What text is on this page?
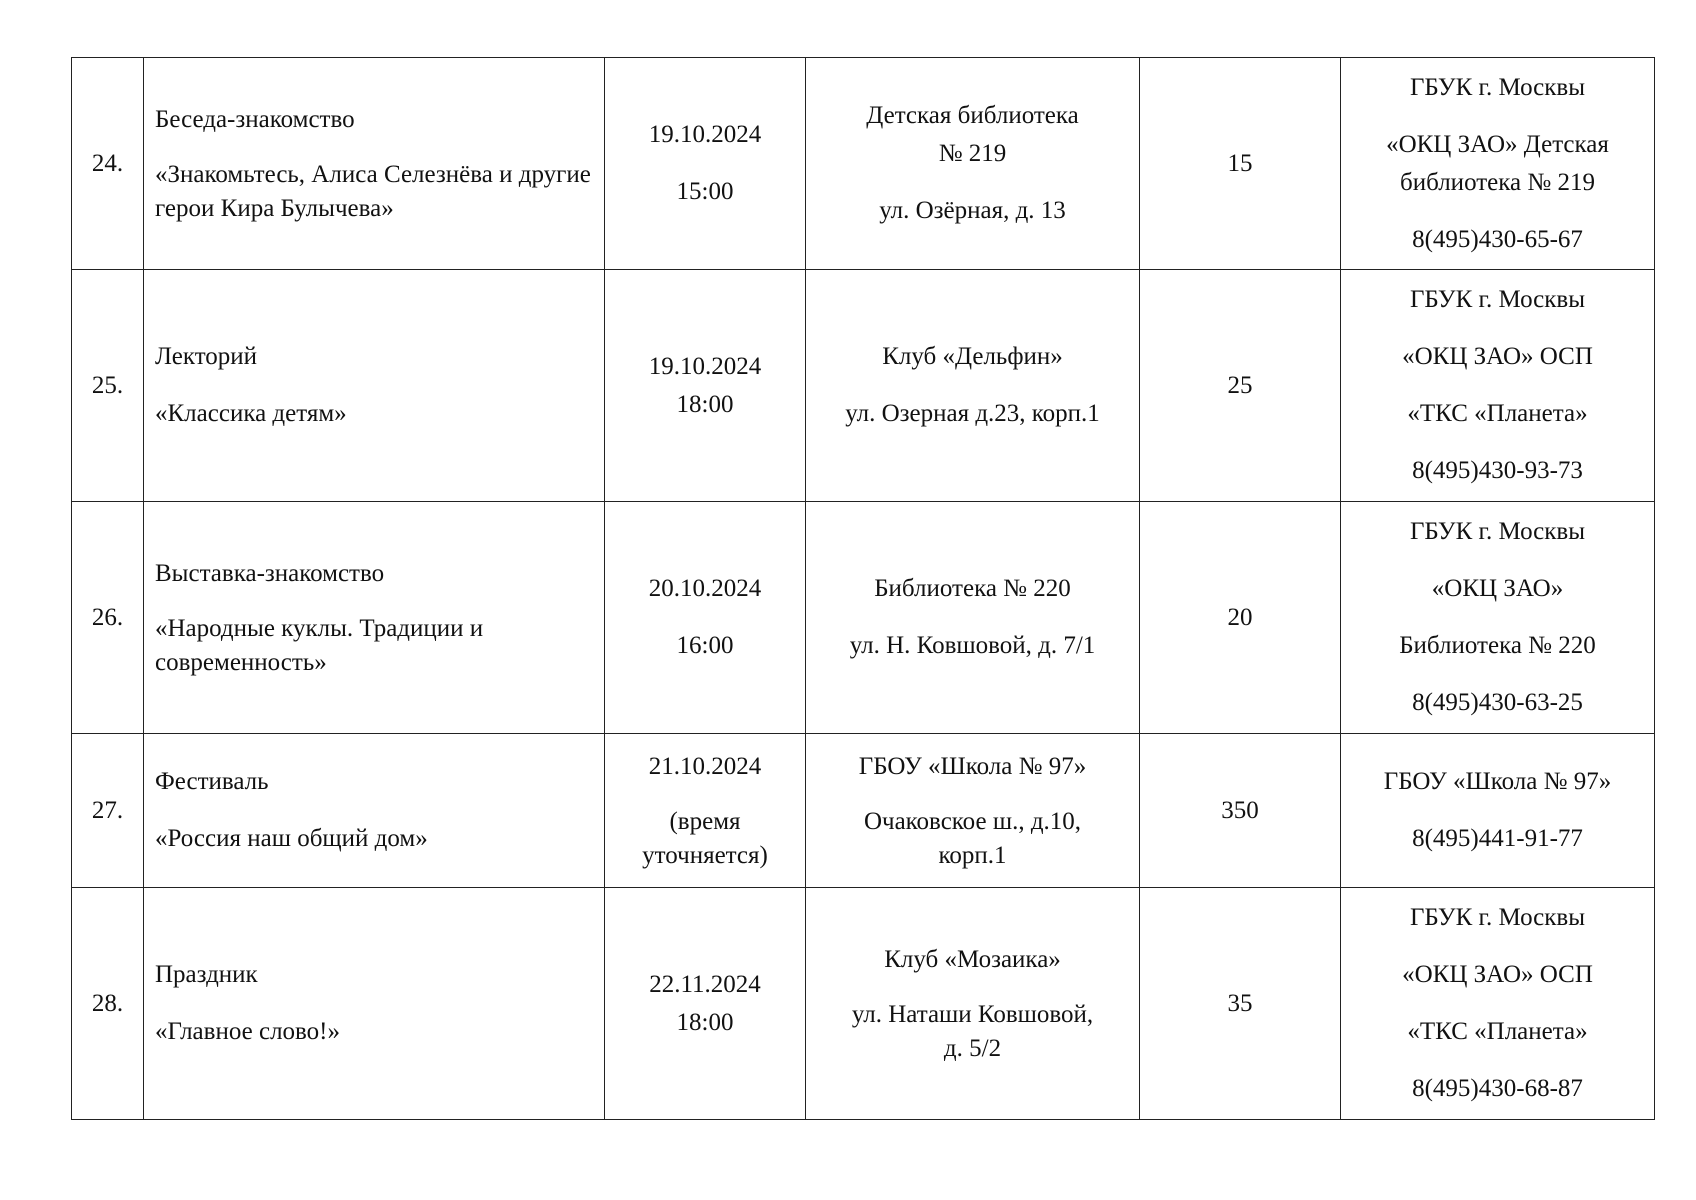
24.	Беседа-знакомство
«Знакомьтесь, Алиса Селезнёва и другие герои Кира Булычева»	19.10.2024
15:00	Детская библиотека
№ 219
ул. Озёрная, д. 13	15	ГБУК г. Москвы
«ОКЦ ЗАО» Детская
библиотека № 219
8(495)430-65-67

25.	Лекторий
«Классика детям»	19.10.2024
18:00	Клуб «Дельфин»
ул. Озерная д.23, корп.1	25	ГБУК г. Москвы
«ОКЦ ЗАО» ОСП
«ТКС «Планета»
8(495)430-93-73

26.	Выставка-знакомство
«Народные куклы. Традиции и современность»	20.10.2024
16:00	Библиотека № 220
ул. Н. Ковшовой, д. 7/1	20	ГБУК г. Москвы
«ОКЦ ЗАО»
Библиотека № 220
8(495)430-63-25

27.	Фестиваль
«Россия наш общий дом»	21.10.2024
(время
уточняется)	ГБОУ «Школа № 97»
Очаковское ш., д.10,
корп.1	350	ГБОУ «Школа № 97»
8(495)441-91-77

28.	Праздник
«Главное слово!»	22.11.2024
18:00	Клуб «Мозаика»
ул. Наташи Ковшовой,
д. 5/2	35	ГБУК г. Москвы
«ОКЦ ЗАО» ОСП
«ТКС «Планета»
8(495)430-68-87
